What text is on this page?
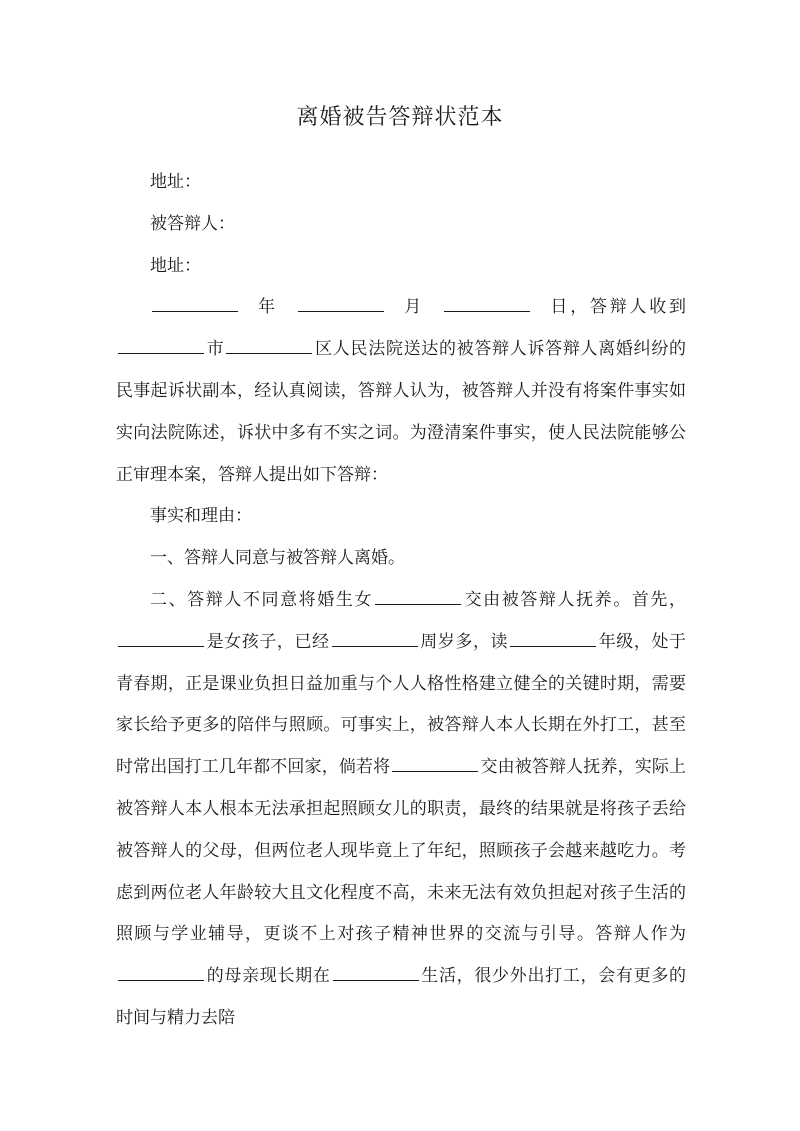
离婚被告答辩状范本

地址：

被答辩人：

地址：

年	月	日，答辩人收到市	区人民法院送达的被答辩人诉答辩人离婚纠纷的民事起诉状副本，经认真阅读，答辩人认为，被答辩人并没有将案件事实如实向法院陈述，诉状中多有不实之词。为澄清案件事实，使人民法院能够公正审理本案，答辩人提出如下答辩：

事实和理由：

一、答辩人同意与被答辩人离婚。

二、答辩人不同意将婚生女	交由被答辩人抚养。首先，是女孩子，已经	周岁多，读	年级，处于青春期，正是课业负担日益加重与个人人格性格建立健全的关键时期，需要家长给予更多的陪伴与照顾。可事实上，被答辩人本人长期在外打工，甚至时常出国打工几年都不回家，倘若将	交由被答辩人抚养，实际上被答辩人本人根本无法承担起照顾女儿的职责，最终的结果就是将孩子丢给被答辩人的父母，但两位老人现毕竟上了年纪，照顾孩子会越来越吃力。考虑到两位老人年龄较大且文化程度不高，未来无法有效负担起对孩子生活的照顾与学业辅导，更谈不上对孩子精神世界的交流与引导。答辩人作为的母亲现长期在	生活，很少外出打工，会有更多的时间与精力去陪
